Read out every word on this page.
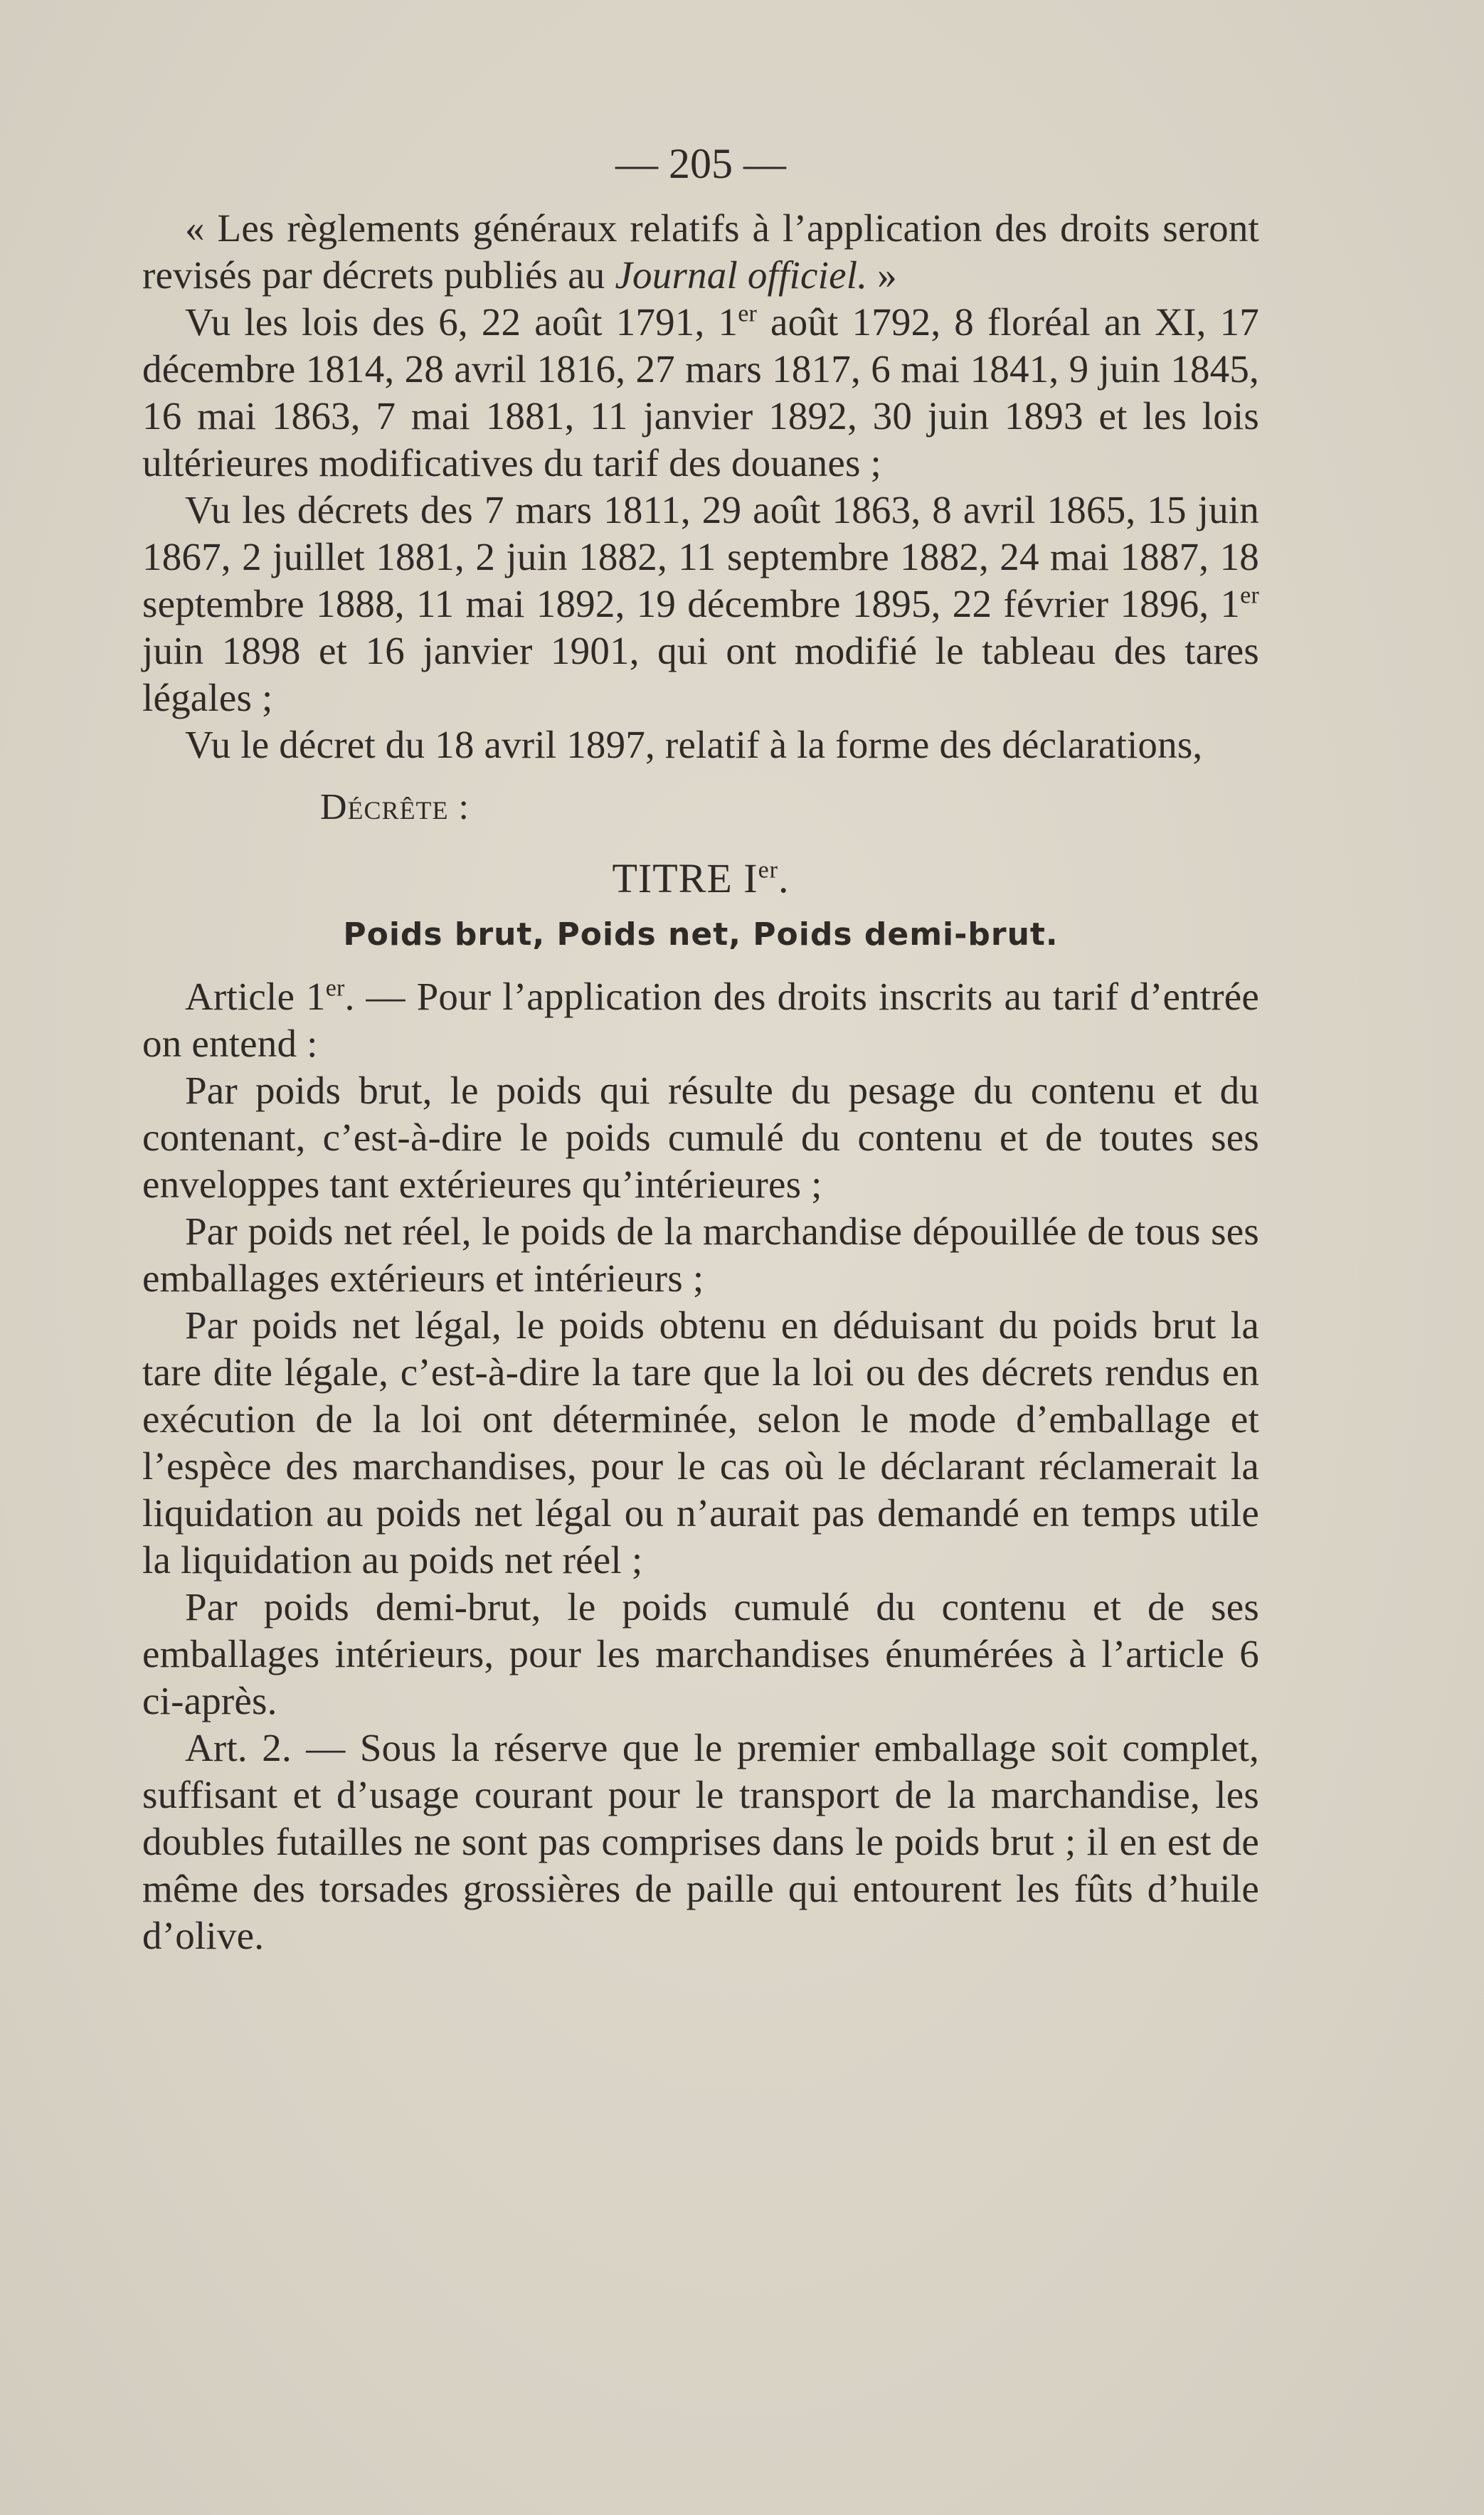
— 205 —

« Les règlements généraux relatifs à l’application des droits seront revisés par décrets publiés au Journal officiel. »

Vu les lois des 6, 22 août 1791, 1er août 1792, 8 floréal an XI, 17 décembre 1814, 28 avril 1816, 27 mars 1817, 6 mai 1841, 9 juin 1845, 16 mai 1863, 7 mai 1881, 11 janvier 1892, 30 juin 1893 et les lois ultérieures modificatives du tarif des douanes ;

Vu les décrets des 7 mars 1811, 29 août 1863, 8 avril 1865, 15 juin 1867, 2 juillet 1881, 2 juin 1882, 11 septembre 1882, 24 mai 1887, 18 septembre 1888, 11 mai 1892, 19 décembre 1895, 22 février 1896, 1er juin 1898 et 16 janvier 1901, qui ont modifié le tableau des tares légales ;

Vu le décret du 18 avril 1897, relatif à la forme des déclarations,

Décrête :
TITRE Ier.
Poids brut, Poids net, Poids demi-brut.

Article 1er. — Pour l’application des droits inscrits au tarif d’entrée on entend :

Par poids brut, le poids qui résulte du pesage du contenu et du contenant, c’est-à-dire le poids cumulé du contenu et de toutes ses enveloppes tant extérieures qu’intérieures ;

Par poids net réel, le poids de la marchandise dépouillée de tous ses emballages extérieurs et intérieurs ;

Par poids net légal, le poids obtenu en déduisant du poids brut la tare dite légale, c’est-à-dire la tare que la loi ou des décrets rendus en exécution de la loi ont déterminée, selon le mode d’emballage et l’espèce des marchandises, pour le cas où le déclarant réclamerait la liquidation au poids net légal ou n’aurait pas demandé en temps utile la liquidation au poids net réel ;

Par poids demi-brut, le poids cumulé du contenu et de ses emballages intérieurs, pour les marchandises énumérées à l’article 6 ci-après.

Art. 2. — Sous la réserve que le premier emballage soit complet, suffisant et d’usage courant pour le transport de la marchandise, les doubles futailles ne sont pas comprises dans le poids brut ; il en est de même des torsades grossières de paille qui entourent les fûts d’huile d’olive.
